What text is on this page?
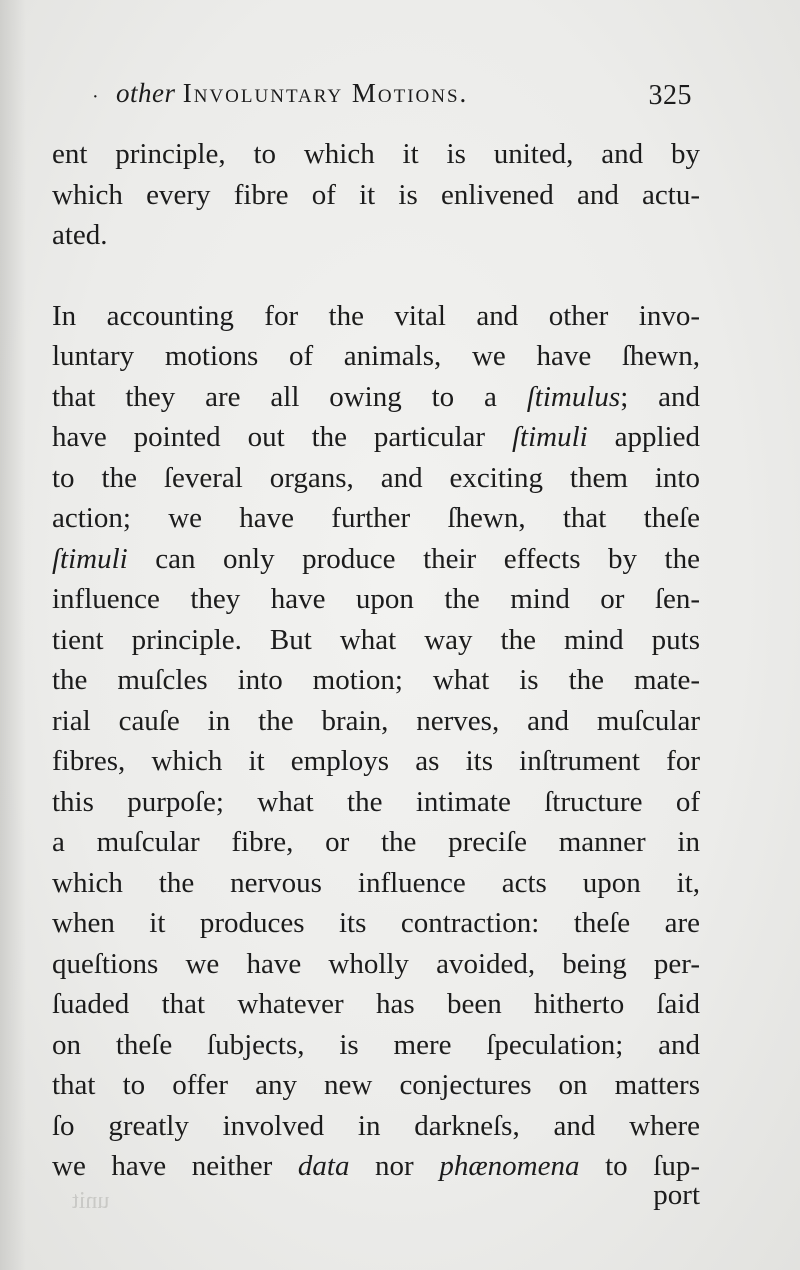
unit
· other Involuntary Motions.	325
ent principle, to which it is united, and by
which every fibre of it is enlivened and actu-
ated.
In accounting for the vital and other invo-
luntary motions of animals, we have ſhewn,
that they are all owing to a ſtimulus; and
have pointed out the particular ſtimuli applied
to the ſeveral organs, and exciting them into
action; we have further ſhewn, that theſe
ſtimuli can only produce their effects by the
influence they have upon the mind or ſen-
tient principle. But what way the mind puts
the muſcles into motion; what is the mate-
rial cauſe in the brain, nerves, and muſcular
fibres, which it employs as its inſtrument for
this purpoſe; what the intimate ſtructure of
a muſcular fibre, or the preciſe manner in
which the nervous influence acts upon it,
when it produces its contraction: theſe are
queſtions we have wholly avoided, being per-
ſuaded that whatever has been hitherto ſaid
on theſe ſubjects, is mere ſpeculation; and
that to offer any new conjectures on matters
ſo greatly involved in darkneſs, and where
we have neither data nor phænomena to ſup-
port
